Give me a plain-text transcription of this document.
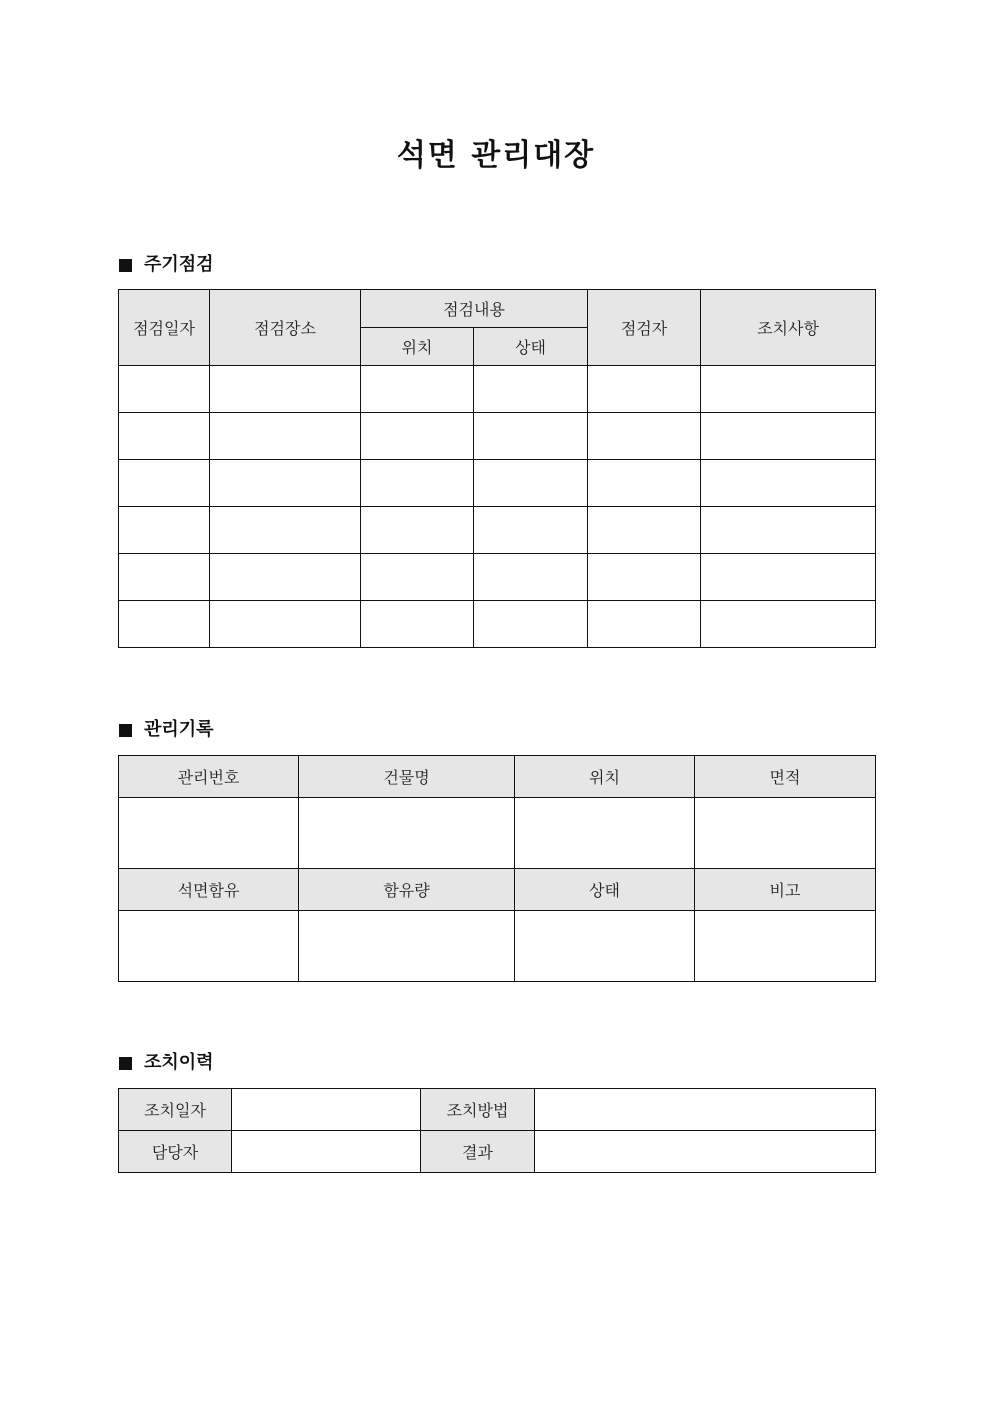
석면 관리대장
주기점검
점검일자	점검장소	점검내용		점검자	조치사항
		위치	상태		

관리기록
관리번호	건물명	위치	면적

석면함유	함유량	상태	비고

조치이력
조치일자		조치방법	
담당자		결과	
